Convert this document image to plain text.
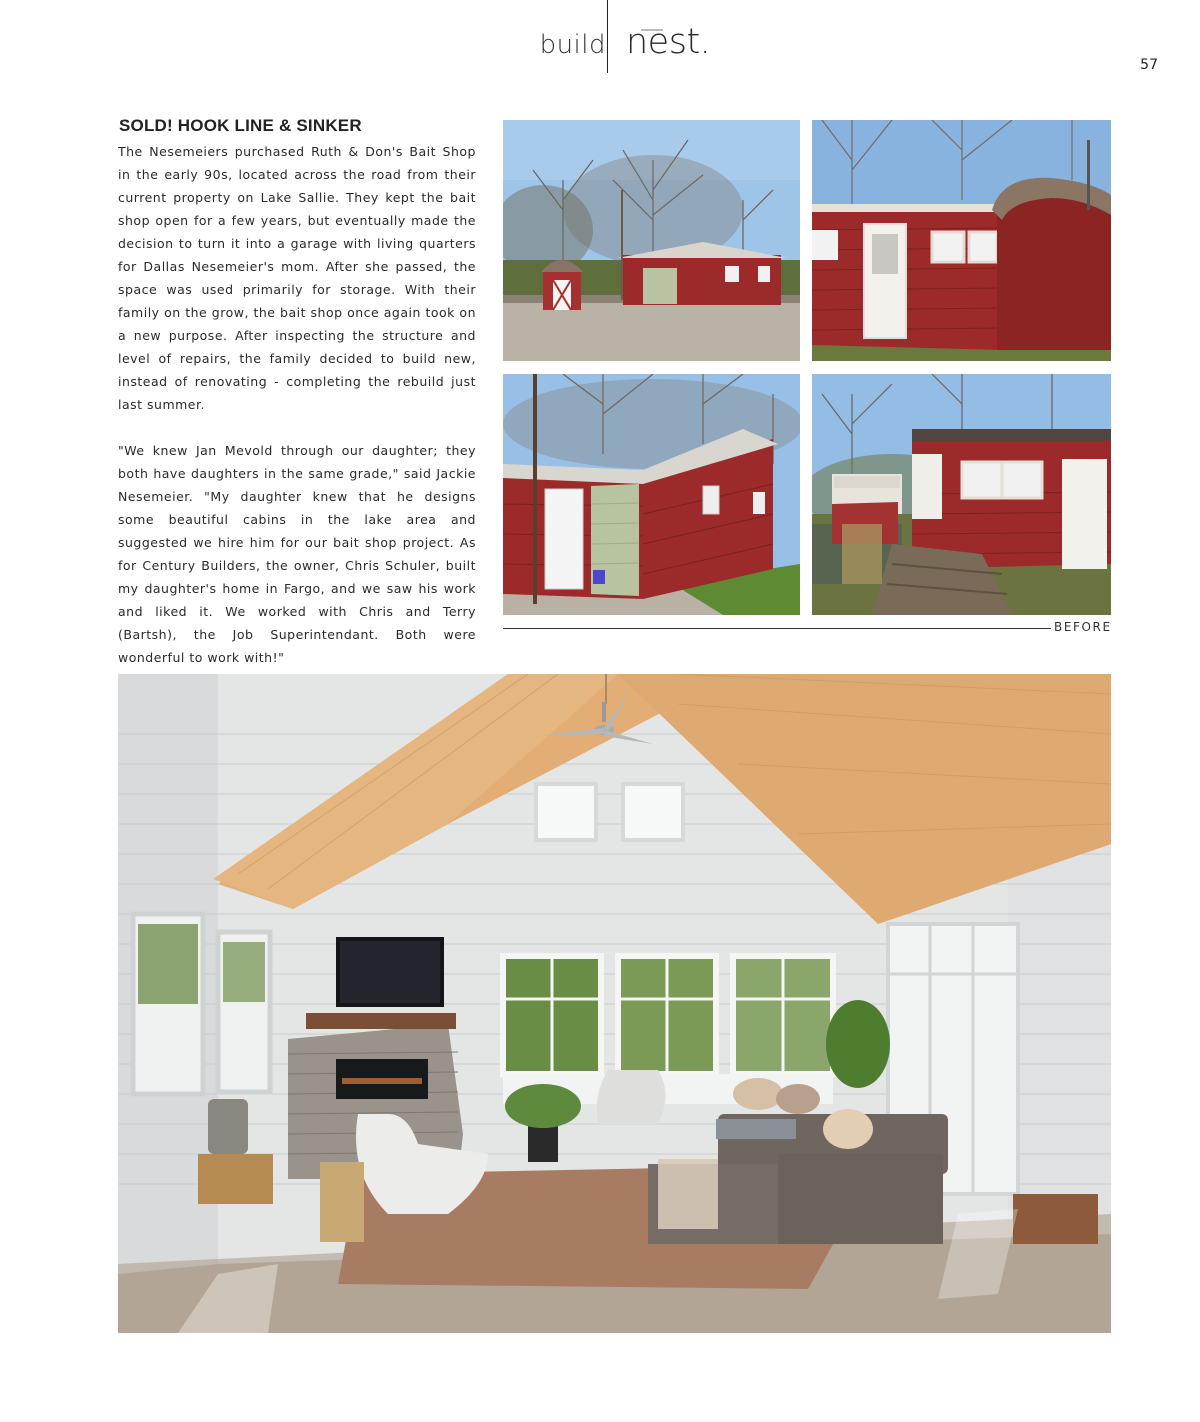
build nest.
57
SOLD! HOOK LINE & SINKER

The Nesemeiers purchased Ruth & Don's Bait Shop in the early 90s, located across the road from their current property on Lake Sallie. They kept the bait shop open for a few years, but eventually made the decision to turn it into a garage with living quarters for Dallas Nesemeier's mom. After she passed, the space was used primarily for storage. With their family on the grow, the bait shop once again took on a new purpose. After inspecting the structure and level of repairs, the family decided to build new, instead of renovating - completing the rebuild just last summer.

"We knew Jan Mevold through our daughter; they both have daughters in the same grade," said Jackie Nesemeier. "My daughter knew that he designs some beautiful cabins in the lake area and suggested we hire him for our bait shop project. As for Century Builders, the owner, Chris Schuler, built my daughter's home in Fargo, and we saw his work and liked it. We worked with Chris and Terry (Bartsh), the Job Superintendant. Both were wonderful to work with!"

BEFORE
